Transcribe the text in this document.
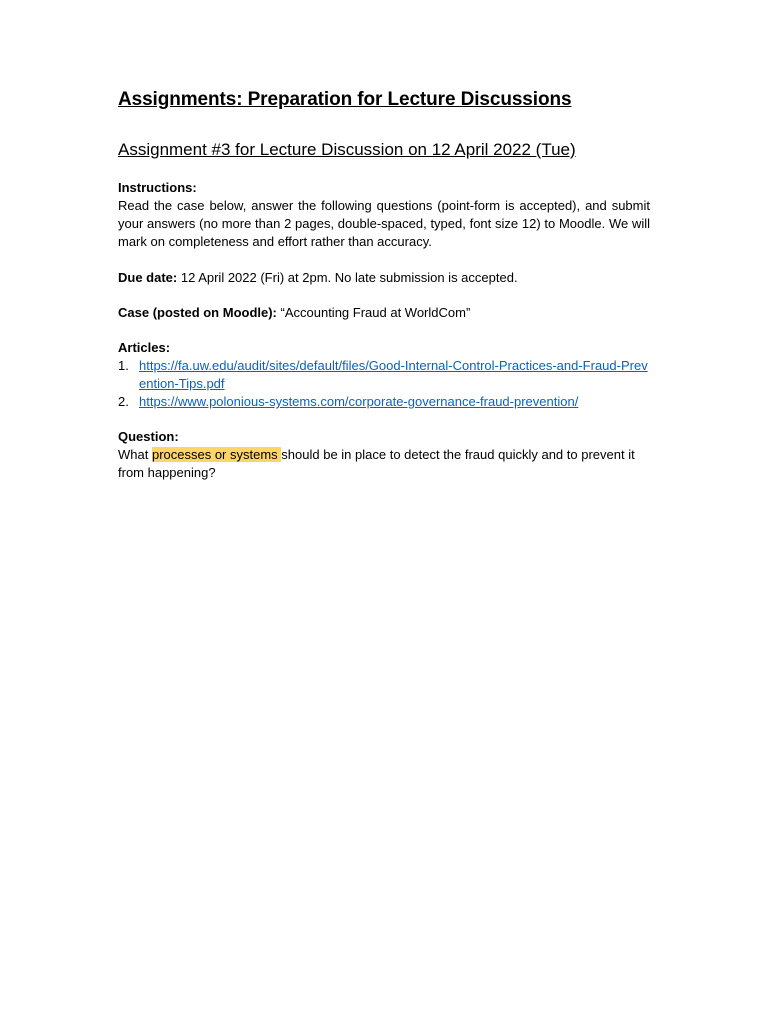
Assignments: Preparation for Lecture Discussions
Assignment #3 for Lecture Discussion on 12 April 2022 (Tue)
Instructions:
Read the case below, answer the following questions (point-form is accepted), and submit your answers (no more than 2 pages, double-spaced, typed, font size 12) to Moodle. We will mark on completeness and effort rather than accuracy.
Due date: 12 April 2022 (Fri) at 2pm. No late submission is accepted.
Case (posted on Moodle): “Accounting Fraud at WorldCom”
Articles:
1. https://fa.uw.edu/audit/sites/default/files/Good-Internal-Control-Practices-and-Fraud-Prevention-Tips.pdf
2. https://www.polonious-systems.com/corporate-governance-fraud-prevention/
Question:
What processes or systems should be in place to detect the fraud quickly and to prevent it from happening?
